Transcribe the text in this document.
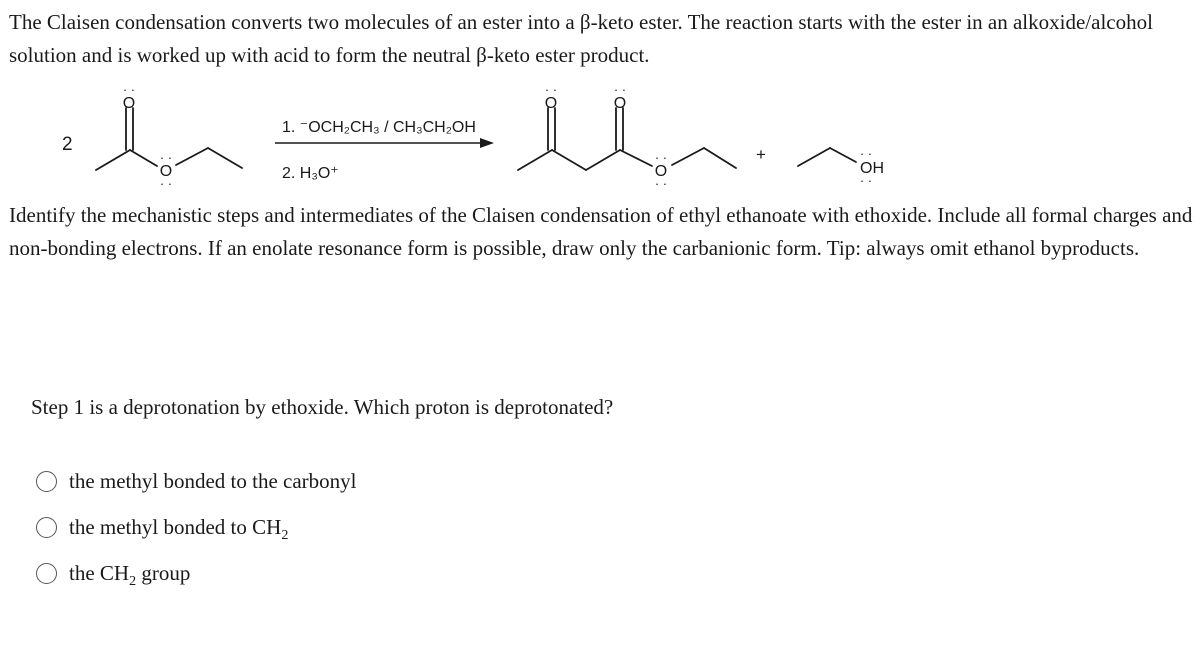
The Claisen condensation converts two molecules of an ester into a β-keto ester. The reaction starts with the ester in an alkoxide/alcohol solution and is worked up with acid to form the neutral β-keto ester product.
2
O
· ·
O
· ·
· ·
1. ⁻OCH₂CH₃ / CH₃CH₂OH
2. H₃O⁺
O
· ·
O
· ·
O
· ·
· ·
+
OH
· ·
· ·
Identify the mechanistic steps and intermediates of the Claisen condensation of ethyl ethanoate with ethoxide. Include all formal charges and non-bonding electrons. If an enolate resonance form is possible, draw only the carbanionic form. Tip: always omit ethanol byproducts.
Step 1 is a deprotonation by ethoxide. Which proton is deprotonated?
the methyl bonded to the carbonyl
the methyl bonded to $CH_2$
the $CH_2$ group
